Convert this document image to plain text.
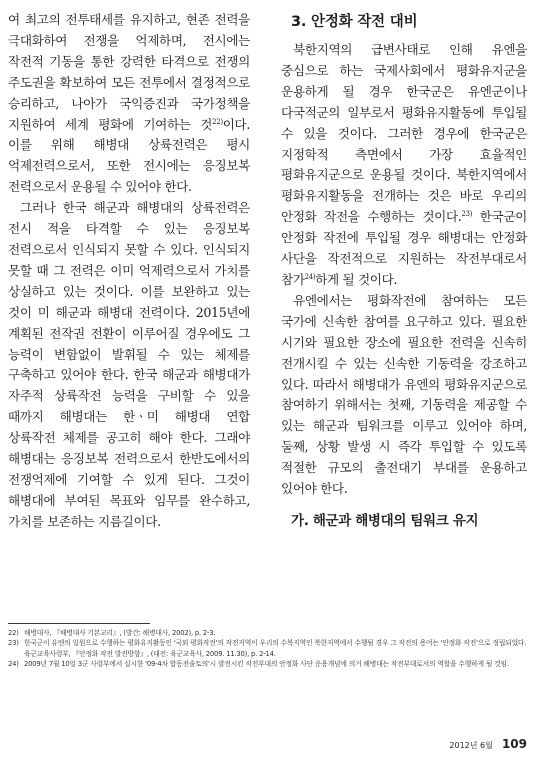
여 최고의 전투태세를 유지하고, 현존 전력을 극대화하여 전쟁을 억제하며, 전시에는 작전적 기동을 통한 강력한 타격으로 전쟁의 주도권을 확보하여 모든 전투에서 결정적으로 승리하고, 나아가 국익증진과 국가정책을 지원하여 세계 평화에 기여하는 것$^{22)}$이다. 이를 위해 해병대 상륙전력은 평시 억제전력으로서, 또한 전시에는 응징보복 전력으로서 운용될 수 있어야 한다.

그러나 한국 해군과 해병대의 상륙전력은 전시 적을 타격할 수 있는 응징보복 전력으로서 인식되지 못할 수 있다. 인식되지 못할 때 그 전력은 이미 억제력으로서 가치를 상실하고 있는 것이다. 이를 보완하고 있는 것이 미 해군과 해병대 전력이다. 2015년에 계획된 전작권 전환이 이루어질 경우에도 그 능력이 변함없이 발휘될 수 있는 체제를 구축하고 있어야 한다. 한국 해군과 해병대가 자주적 상륙작전 능력을 구비할 수 있을 때까지 해병대는 한ㆍ미 해병대 연합 상륙작전 체제를 공고히 해야 한다. 그래야 해병대는 응징보복 전력으로서 한반도에서의 전쟁억제에 기여할 수 있게 된다. 그것이 해병대에 부여된 목표와 임무를 완수하고, 가치를 보존하는 지름길이다.

3. 안정화 작전 대비

북한지역의 급변사태로 인해 유엔을 중심으로 하는 국제사회에서 평화유지군을 운용하게 될 경우 한국군은 유엔군이나 다국적군의 일부로서 평화유지활동에 투입될 수 있을 것이다. 그러한 경우에 한국군은 지정학적 측면에서 가장 효율적인 평화유지군으로 운용될 것이다. 북한지역에서 평화유지활동을 전개하는 것은 바로 우리의 안정화 작전을 수행하는 것이다.$^{23)}$ 한국군이 안정화 작전에 투입될 경우 해병대는 안정화 사단을 작전적으로 지원하는 작전부대로서 참가$^{24)}$하게 될 것이다.

유엔에서는 평화작전에 참여하는 모든 국가에 신속한 참여를 요구하고 있다. 필요한 시기와 필요한 장소에 필요한 전력을 신속히 전개시킬 수 있는 신속한 기동력을 강조하고 있다. 따라서 해병대가 유엔의 평화유지군으로 참여하기 위해서는 첫째, 기동력을 제공할 수 있는 해군과 팀워크를 이루고 있어야 하며, 둘째, 상황 발생 시 즉각 투입할 수 있도록 적절한 규모의 출전대기 부대를 운용하고 있어야 한다.

가. 해군과 해병대의 팀워크 유지

22) 해병대사, 『해병대사 기본교리』, (발간: 해병대사, 2002), p. 2-3.

23) 한국군이 유엔의 일원으로 수행하는 평화유지활동인 '국외 평화작전'의 작전지역이 우리의 수복지역인 북한지역에서 수행될 경우 그 작전의 용어는 '안정화 작전'으로 정립되었다. 육군교육사령부, 『안정화 작전 발전방향』, (대전: 육군교육사, 2009. 11.30), p. 2-14.

24) 2009년 7월 10일 3군 사령부에서 실시한 '09-4차 합동전술토의'시 발전시킨 작전부대의 안정화 사단 운용개념에 의거 해병대는 작전부대로서의 역할을 수행하게 될 것임.

2012년 6월 109
